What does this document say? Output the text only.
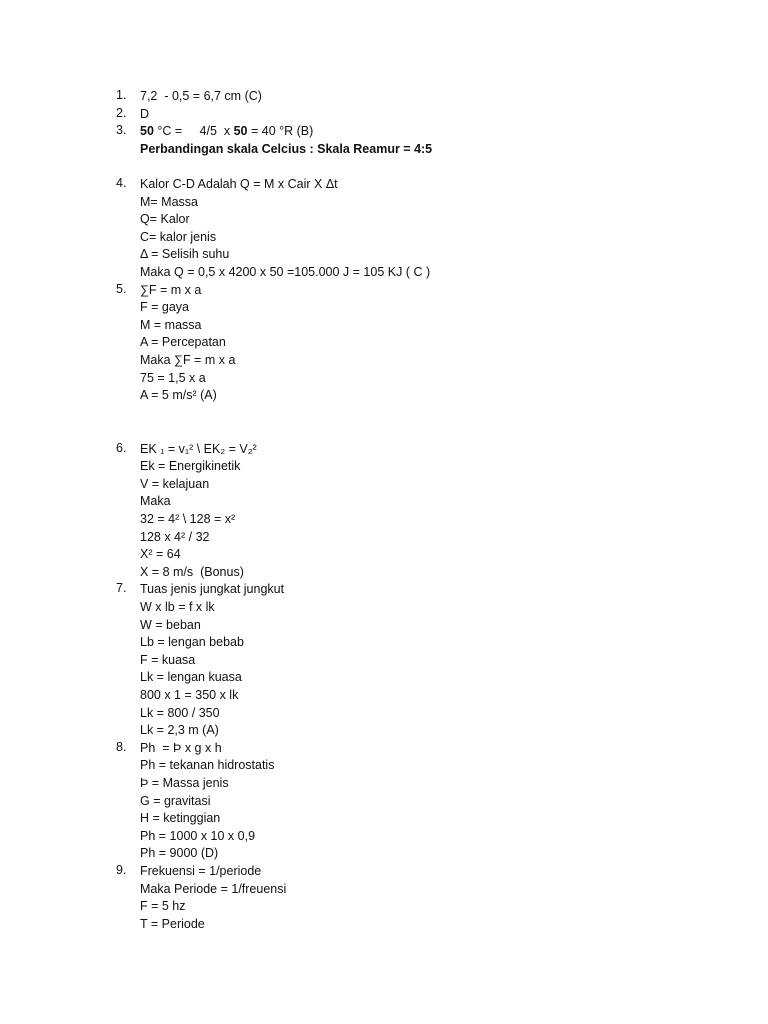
1.	7,2  - 0,5 = 6,7 cm (C)
2.	D
3.	50 °C =     4/5  x 50 = 40 °R (B)
Perbandingan skala Celcius : Skala Reamur = 4:5
4.	Kalor C-D Adalah Q = M x Cair X Δt
M= Massa
Q= Kalor
C= kalor jenis
Δ = Selisih suhu
Maka Q = 0,5 x 4200 x 50 =105.000 J = 105 KJ ( C )
5.	∑F = m x a
F = gaya
M = massa
A = Percepatan
Maka ∑F = m x a
75 = 1,5 x a
A = 5 m/s² (A)
6.	EK ₁ = v₁² \ EK₂ = V₂²
Ek = Energikinetik
V = kelajuan
Maka
32 = 4² \ 128 = x²
128 x 4² / 32
X² = 64
X = 8 m/s  (Bonus)
7.	Tuas jenis jungkat jungkut
W x lb = f x lk
W = beban
Lb = lengan bebab
F = kuasa
Lk = lengan kuasa
800 x 1 = 350 x lk
Lk = 800 / 350
Lk = 2,3 m (A)
8.	Ph  = Þ x g x h
Ph = tekanan hidrostatis
Þ = Massa jenis
G = gravitasi
H = ketinggian
Ph = 1000 x 10 x 0,9
Ph = 9000 (D)
9.	Frekuensi = 1/periode
Maka Periode = 1/freuensi
F = 5 hz
T = Periode
